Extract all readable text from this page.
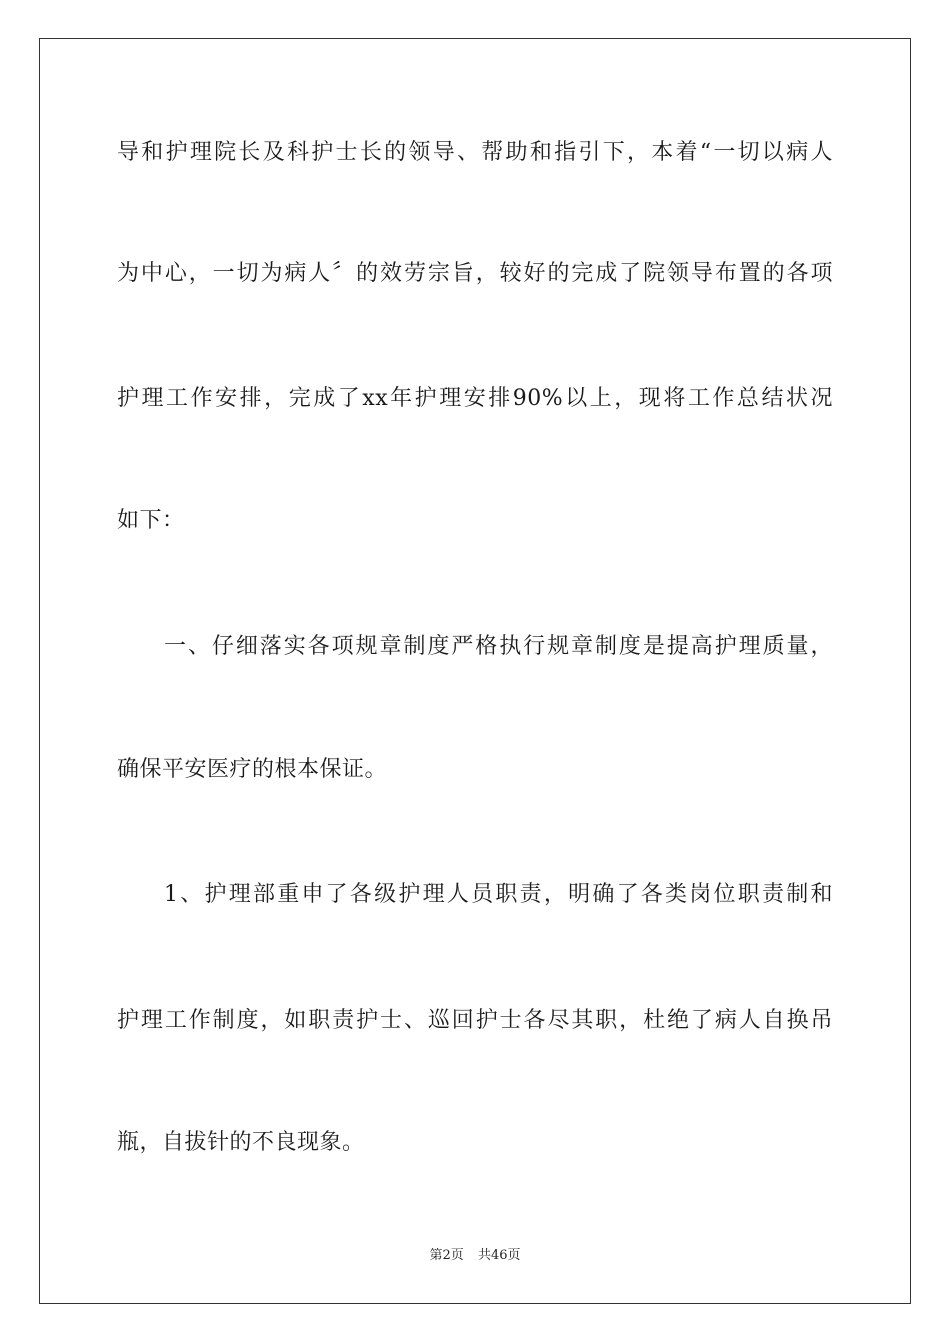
导和护理院长及科护士长的领导、帮助和指引下，本着“一切以病人
为中心，一切为病人〞的效劳宗旨，较好的完成了院领导布置的各项
护理工作安排，完成了xx年护理安排90%以上，现将工作总结状况
如下：
一、仔细落实各项规章制度严格执行规章制度是提高护理质量，
确保平安医疗的根本保证。
1、护理部重申了各级护理人员职责，明确了各类岗位职责制和
护理工作制度，如职责护士、巡回护士各尽其职，杜绝了病人自换吊
瓶，自拔针的不良现象。
第2页 共46页
